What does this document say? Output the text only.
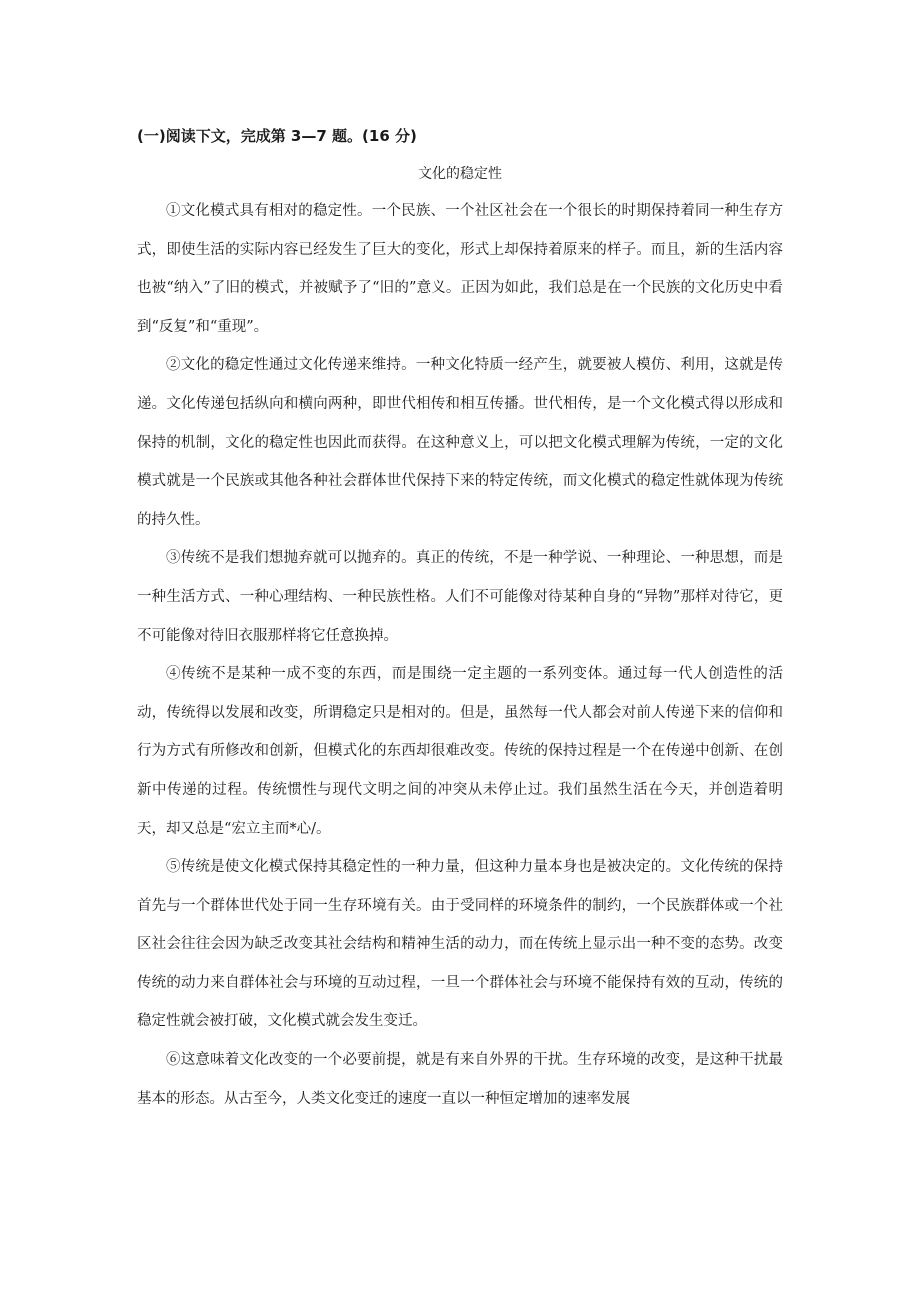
(一)阅读下文，完成第 3—7 题。(16 分)
文化的稳定性

①文化模式具有相对的稳定性。一个民族、一个社区社会在一个很长的时期保持着同一种生存方式，即使生活的实际内容已经发生了巨大的变化，形式上却保持着原来的样子。而且，新的生活内容也被“纳入”了旧的模式，并被赋予了“旧的”意义。正因为如此，我们总是在一个民族的文化历史中看到“反复”和“重现”。

②文化的稳定性通过文化传递来维持。一种文化特质一经产生，就要被人模仿、利用，这就是传递。文化传递包括纵向和横向两种，即世代相传和相互传播。世代相传，是一个文化模式得以形成和保持的机制，文化的稳定性也因此而获得。在这种意义上，可以把文化模式理解为传统，一定的文化模式就是一个民族或其他各种社会群体世代保持下来的特定传统，而文化模式的稳定性就体现为传统的持久性。

③传统不是我们想抛弃就可以抛弃的。真正的传统，不是一种学说、一种理论、一种思想，而是一种生活方式、一种心理结构、一种民族性格。人们不可能像对待某种自身的“异物”那样对待它，更不可能像对待旧衣服那样将它任意换掉。

④传统不是某种一成不变的东西，而是围绕一定主题的一系列变体。通过每一代人创造性的活动，传统得以发展和改变，所谓稳定只是相对的。但是，虽然每一代人都会对前人传递下来的信仰和行为方式有所修改和创新，但模式化的东西却很难改变。传统的保持过程是一个在传递中创新、在创新中传递的过程。传统惯性与现代文明之间的冲突从未停止过。我们虽然生活在今天，并创造着明天，却又总是“宏立主而*心/。

⑤传统是使文化模式保持其稳定性的一种力量，但这种力量本身也是被决定的。文化传统的保持首先与一个群体世代处于同一生存环境有关。由于受同样的环境条件的制约，一个民族群体或一个社区社会往往会因为缺乏改变其社会结构和精神生活的动力，而在传统上显示出一种不变的态势。改变传统的动力来自群体社会与环境的互动过程，一旦一个群体社会与环境不能保持有效的互动，传统的稳定性就会被打破，文化模式就会发生变迁。

⑥这意味着文化改变的一个必要前提，就是有来自外界的干扰。生存环境的改变，是这种干扰最基本的形态。从古至今，人类文化变迁的速度一直以一种恒定增加的速率发展
